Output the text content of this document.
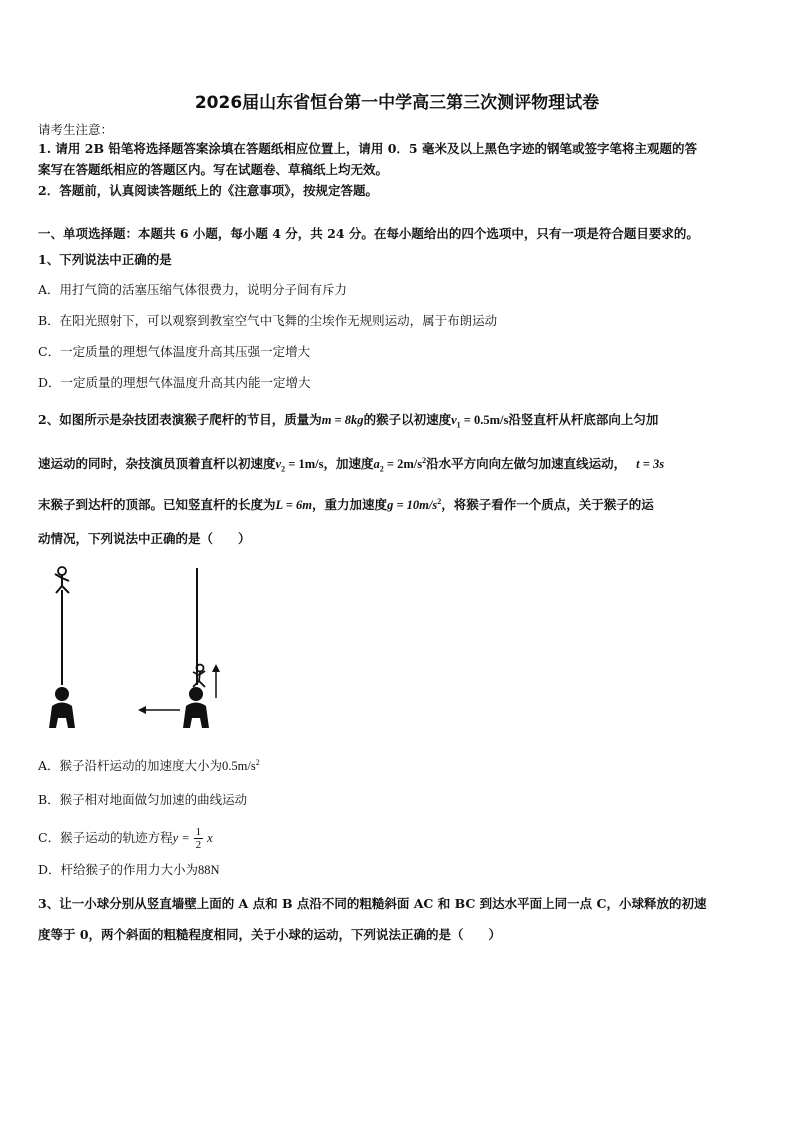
2026届山东省恒台第一中学高三第三次测评物理试卷
请考生注意：
1. 请用 2B 铅笔将选择题答案涂填在答题纸相应位置上，请用 0．5 毫米及以上黑色字迹的钢笔或签字笔将主观题的答
案写在答题纸相应的答题区内。写在试题卷、草稿纸上均无效。
2．答题前，认真阅读答题纸上的《注意事项》，按规定答题。
一、单项选择题：本题共 6 小题，每小题 4 分，共 24 分。在每小题给出的四个选项中，只有一项是符合题目要求的。
1、下列说法中正确的是
A．用打气筒的活塞压缩气体很费力，说明分子间有斥力
B．在阳光照射下，可以观察到教室空气中飞舞的尘埃作无规则运动，属于布朗运动
C．一定质量的理想气体温度升高其压强一定增大
D．一定质量的理想气体温度升高其内能一定增大
2、如图所示是杂技团表演猴子爬杆的节目，质量为m = 8kg的猴子以初速度$v_1 = 0.5m/s$沿竖直杆从杆底部向上匀加
速运动的同时，杂技演员顶着直杆以初速度$v_2 = 1m/s$，加速度$a_2 = 2m/s^2$沿水平方向向左做匀加速直线运动， t = 3s
末猴子到达杆的顶部。已知竖直杆的长度为L = 6m，重力加速度$g = 10m/s^2$，将猴子看作一个质点，关于猴子的运
动情况，下列说法中正确的是（　　）
A．猴子沿杆运动的加速度大小为$0.5m/s^2$
B．猴子相对地面做匀加速的曲线运动
C．猴子运动的轨迹方程$y = \frac{1}{2}$ x
D．杆给猴子的作用力大小为88N
3、让一小球分别从竖直墙壁上面的 A 点和 B 点沿不同的粗糙斜面 AC 和 BC 到达水平面上同一点 C，小球释放的初速
度等于 0，两个斜面的粗糙程度相同，关于小球的运动，下列说法正确的是（　　）
